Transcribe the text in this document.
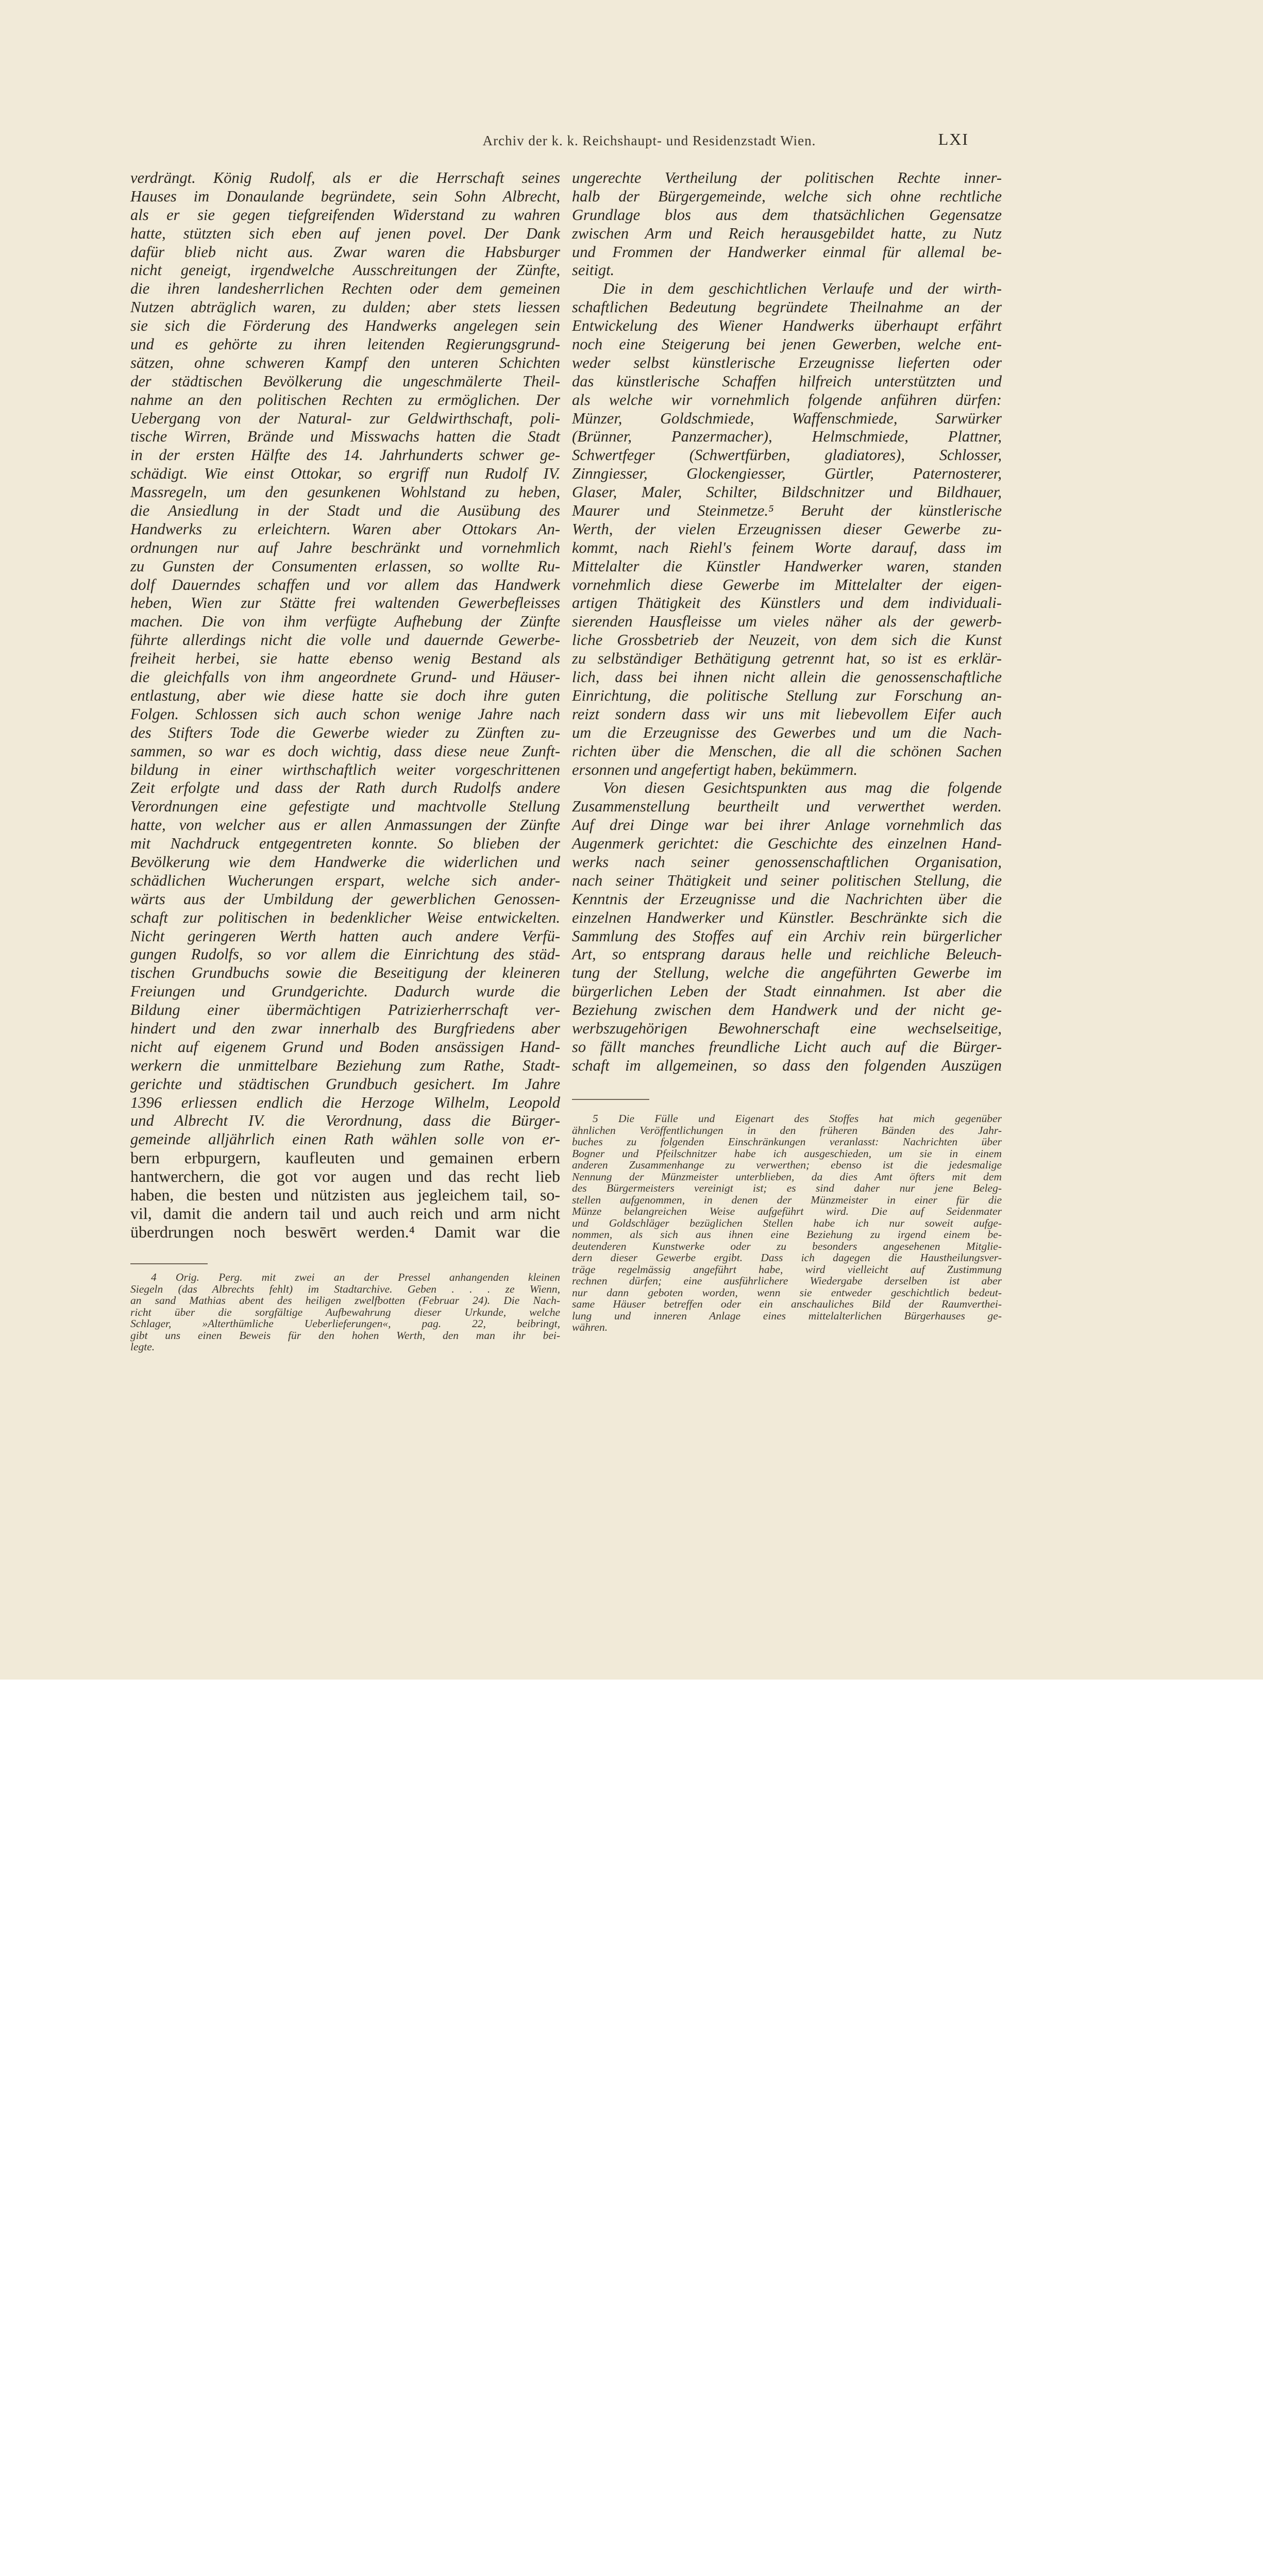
Archiv der k. k. Reichshaupt- und Residenzstadt Wien.	LXI
verdrängt. König Rudolf, als er die Herrschaft seines
Hauses im Donaulande begründete, sein Sohn Albrecht,
als er sie gegen tiefgreifenden Widerstand zu wahren
hatte, stützten sich eben auf jenen povel. Der Dank
dafür blieb nicht aus. Zwar waren die Habsburger
nicht geneigt, irgendwelche Ausschreitungen der Zünfte,
die ihren landesherrlichen Rechten oder dem gemeinen
Nutzen abträglich waren, zu dulden; aber stets liessen
sie sich die Förderung des Handwerks angelegen sein
und es gehörte zu ihren leitenden Regierungsgrund-
sätzen, ohne schweren Kampf den unteren Schichten
der städtischen Bevölkerung die ungeschmälerte Theil-
nahme an den politischen Rechten zu ermöglichen. Der
Uebergang von der Natural- zur Geldwirthschaft, poli-
tische Wirren, Brände und Misswachs hatten die Stadt
in der ersten Hälfte des 14. Jahrhunderts schwer ge-
schädigt. Wie einst Ottokar, so ergriff nun Rudolf IV.
Massregeln, um den gesunkenen Wohlstand zu heben,
die Ansiedlung in der Stadt und die Ausübung des
Handwerks zu erleichtern. Waren aber Ottokars An-
ordnungen nur auf Jahre beschränkt und vornehmlich
zu Gunsten der Consumenten erlassen, so wollte Ru-
dolf Dauerndes schaffen und vor allem das Handwerk
heben, Wien zur Stätte frei waltenden Gewerbefleisses
machen. Die von ihm verfügte Aufhebung der Zünfte
führte allerdings nicht die volle und dauernde Gewerbe-
freiheit herbei, sie hatte ebenso wenig Bestand als
die gleichfalls von ihm angeordnete Grund- und Häuser-
entlastung, aber wie diese hatte sie doch ihre guten
Folgen. Schlossen sich auch schon wenige Jahre nach
des Stifters Tode die Gewerbe wieder zu Zünften zu-
sammen, so war es doch wichtig, dass diese neue Zunft-
bildung in einer wirthschaftlich weiter vorgeschrittenen
Zeit erfolgte und dass der Rath durch Rudolfs andere
Verordnungen eine gefestigte und machtvolle Stellung
hatte, von welcher aus er allen Anmassungen der Zünfte
mit Nachdruck entgegentreten konnte. So blieben der
Bevölkerung wie dem Handwerke die widerlichen und
schädlichen Wucherungen erspart, welche sich ander-
wärts aus der Umbildung der gewerblichen Genossen-
schaft zur politischen in bedenklicher Weise entwickelten.
Nicht geringeren Werth hatten auch andere Verfü-
gungen Rudolfs, so vor allem die Einrichtung des städ-
tischen Grundbuchs sowie die Beseitigung der kleineren
Freiungen und Grundgerichte. Dadurch wurde die
Bildung einer übermächtigen Patrizierherrschaft ver-
hindert und den zwar innerhalb des Burgfriedens aber
nicht auf eigenem Grund und Boden ansässigen Hand-
werkern die unmittelbare Beziehung zum Rathe, Stadt-
gerichte und städtischen Grundbuch gesichert. Im Jahre
1396 erliessen endlich die Herzoge Wilhelm, Leopold
und Albrecht IV. die Verordnung, dass die Bürger-
gemeinde alljährlich einen Rath wählen solle von er-
bern erbpurgern, kaufleuten und gemainen erbern
hantwerchern, die got vor augen und das recht lieb
haben, die besten und nützisten aus jegleichem tail, so-
vil, damit die andern tail und auch reich und arm nicht
überdrungen noch beswērt werden.⁴ Damit war die
ungerechte Vertheilung der politischen Rechte inner-
halb der Bürgergemeinde, welche sich ohne rechtliche
Grundlage blos aus dem thatsächlichen Gegensatze
zwischen Arm und Reich herausgebildet hatte, zu Nutz
und Frommen der Handwerker einmal für allemal be-
seitigt.
Die in dem geschichtlichen Verlaufe und der wirth-
schaftlichen Bedeutung begründete Theilnahme an der
Entwickelung des Wiener Handwerks überhaupt erfährt
noch eine Steigerung bei jenen Gewerben, welche ent-
weder selbst künstlerische Erzeugnisse lieferten oder
das künstlerische Schaffen hilfreich unterstützten und
als welche wir vornehmlich folgende anführen dürfen:
Münzer, Goldschmiede, Waffenschmiede, Sarwürker
(Brünner, Panzermacher), Helmschmiede, Plattner,
Schwertfeger (Schwertfürben, gladiatores), Schlosser,
Zinngiesser, Glockengiesser, Gürtler, Paternosterer,
Glaser, Maler, Schilter, Bildschnitzer und Bildhauer,
Maurer und Steinmetze.⁵ Beruht der künstlerische
Werth, der vielen Erzeugnissen dieser Gewerbe zu-
kommt, nach Riehl's feinem Worte darauf, dass im
Mittelalter die Künstler Handwerker waren, standen
vornehmlich diese Gewerbe im Mittelalter der eigen-
artigen Thätigkeit des Künstlers und dem individuali-
sierenden Hausfleisse um vieles näher als der gewerb-
liche Grossbetrieb der Neuzeit, von dem sich die Kunst
zu selbständiger Bethätigung getrennt hat, so ist es erklär-
lich, dass bei ihnen nicht allein die genossenschaftliche
Einrichtung, die politische Stellung zur Forschung an-
reizt sondern dass wir uns mit liebevollem Eifer auch
um die Erzeugnisse des Gewerbes und um die Nach-
richten über die Menschen, die all die schönen Sachen
ersonnen und angefertigt haben, bekümmern.
Von diesen Gesichtspunkten aus mag die folgende
Zusammenstellung beurtheilt und verwerthet werden.
Auf drei Dinge war bei ihrer Anlage vornehmlich das
Augenmerk gerichtet: die Geschichte des einzelnen Hand-
werks nach seiner genossenschaftlichen Organisation,
nach seiner Thätigkeit und seiner politischen Stellung, die
Kenntnis der Erzeugnisse und die Nachrichten über die
einzelnen Handwerker und Künstler. Beschränkte sich die
Sammlung des Stoffes auf ein Archiv rein bürgerlicher
Art, so entsprang daraus helle und reichliche Beleuch-
tung der Stellung, welche die angeführten Gewerbe im
bürgerlichen Leben der Stadt einnahmen. Ist aber die
Beziehung zwischen dem Handwerk und der nicht ge-
werbszugehörigen Bewohnerschaft eine wechselseitige,
so fällt manches freundliche Licht auch auf die Bürger-
schaft im allgemeinen, so dass den folgenden Auszügen
4 Orig. Perg. mit zwei an der Pressel anhangenden kleinen
Siegeln (das Albrechts fehlt) im Stadtarchive. Geben . . . ze Wienn,
an sand Mathias abent des heiligen zwelfbotten (Februar 24). Die Nach-
richt über die sorgfältige Aufbewahrung dieser Urkunde, welche
Schlager, »Alterthümliche Ueberlieferungen«, pag. 22, beibringt,
gibt uns einen Beweis für den hohen Werth, den man ihr bei-
legte.
5 Die Fülle und Eigenart des Stoffes hat mich gegenüber
ähnlichen Veröffentlichungen in den früheren Bänden des Jahr-
buches zu folgenden Einschränkungen veranlasst: Nachrichten über
Bogner und Pfeilschnitzer habe ich ausgeschieden, um sie in einem
anderen Zusammenhange zu verwerthen; ebenso ist die jedesmalige
Nennung der Münzmeister unterblieben, da dies Amt öfters mit dem
des Bürgermeisters vereinigt ist; es sind daher nur jene Beleg-
stellen aufgenommen, in denen der Münzmeister in einer für die
Münze belangreichen Weise aufgeführt wird. Die auf Seidenmater
und Goldschläger bezüglichen Stellen habe ich nur soweit aufge-
nommen, als sich aus ihnen eine Beziehung zu irgend einem be-
deutenderen Kunstwerke oder zu besonders angesehenen Mitglie-
dern dieser Gewerbe ergibt. Dass ich dagegen die Haustheilungsver-
träge regelmässig angeführt habe, wird vielleicht auf Zustimmung
rechnen dürfen; eine ausführlichere Wiedergabe derselben ist aber
nur dann geboten worden, wenn sie entweder geschichtlich bedeut-
same Häuser betreffen oder ein anschauliches Bild der Raumverthei-
lung und inneren Anlage eines mittelalterlichen Bürgerhauses ge-
währen.
